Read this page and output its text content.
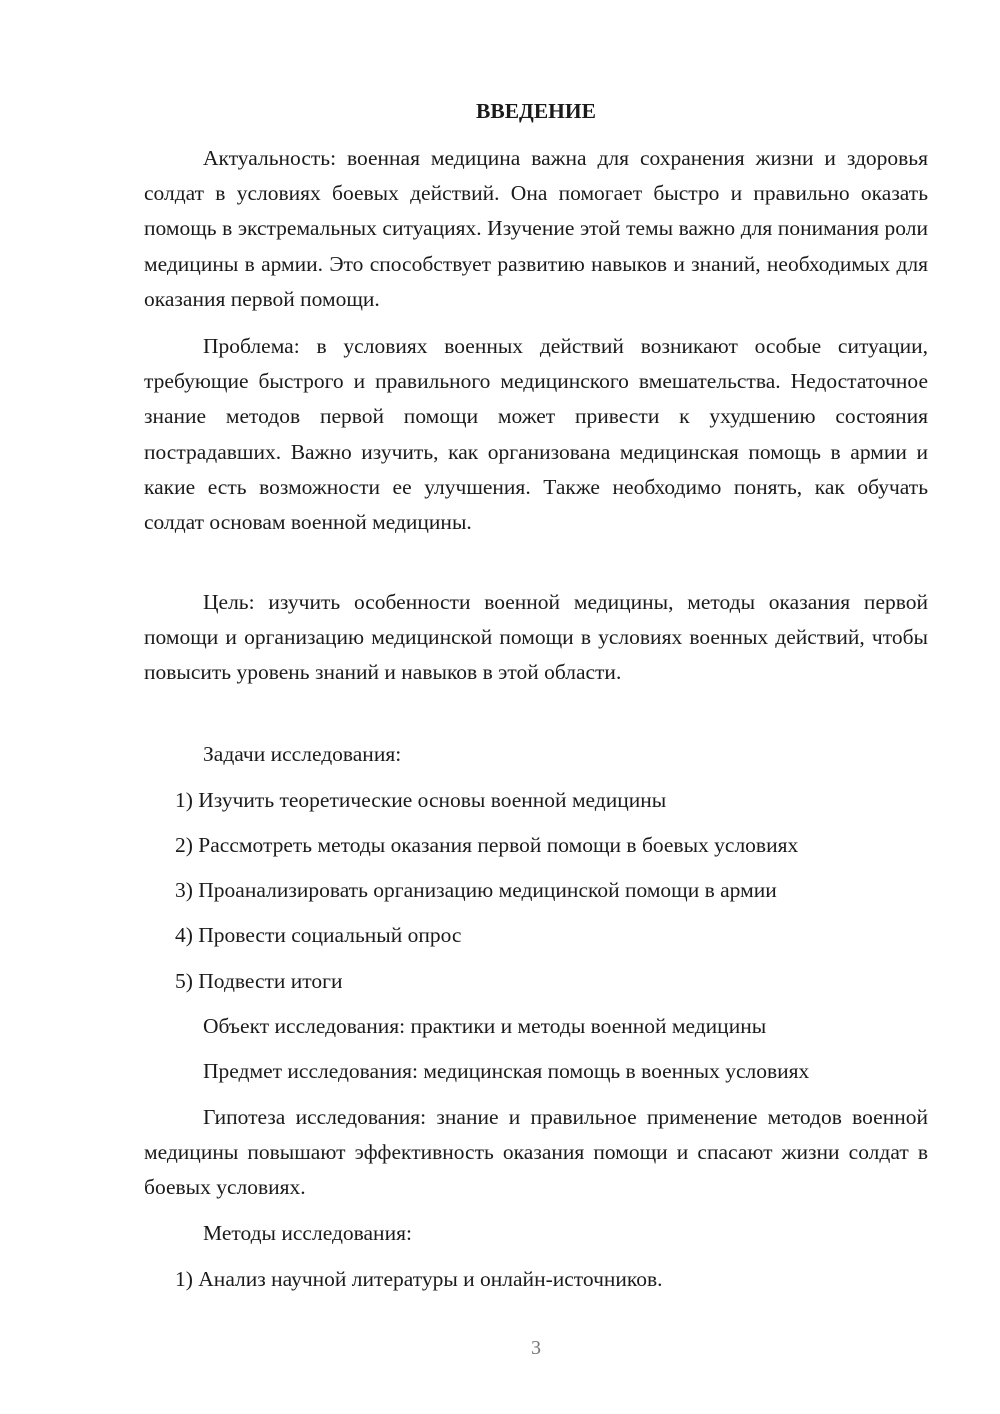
ВВЕДЕНИЕ

Актуальность: военная медицина важна для сохранения жизни и здоровья солдат в условиях боевых действий. Она помогает быстро и правильно оказать помощь в экстремальных ситуациях. Изучение этой темы важно для понимания роли медицины в армии. Это способствует развитию навыков и знаний, необходимых для оказания первой помощи.

Проблема: в условиях военных действий возникают особые ситуации, требующие быстрого и правильного медицинского вмешательства. Недостаточное знание методов первой помощи может привести к ухудшению состояния пострадавших. Важно изучить, как организована медицинская помощь в армии и какие есть возможности ее улучшения. Также необходимо понять, как обучать солдат основам военной медицины.

Цель: изучить особенности военной медицины, методы оказания первой помощи и организацию медицинской помощи в условиях военных действий, чтобы повысить уровень знаний и навыков в этой области.

Задачи исследования:

1) Изучить теоретические основы военной медицины

2) Рассмотреть методы оказания первой помощи в боевых условиях

3) Проанализировать организацию медицинской помощи в армии

4) Провести социальный опрос

5) Подвести итоги

Объект исследования: практики и методы военной медицины

Предмет исследования: медицинская помощь в военных условиях

Гипотеза исследования: знание и правильное применение методов военной медицины повышают эффективность оказания помощи и спасают жизни солдат в боевых условиях.

Методы исследования:

1) Анализ научной литературы и онлайн-источников.

3
